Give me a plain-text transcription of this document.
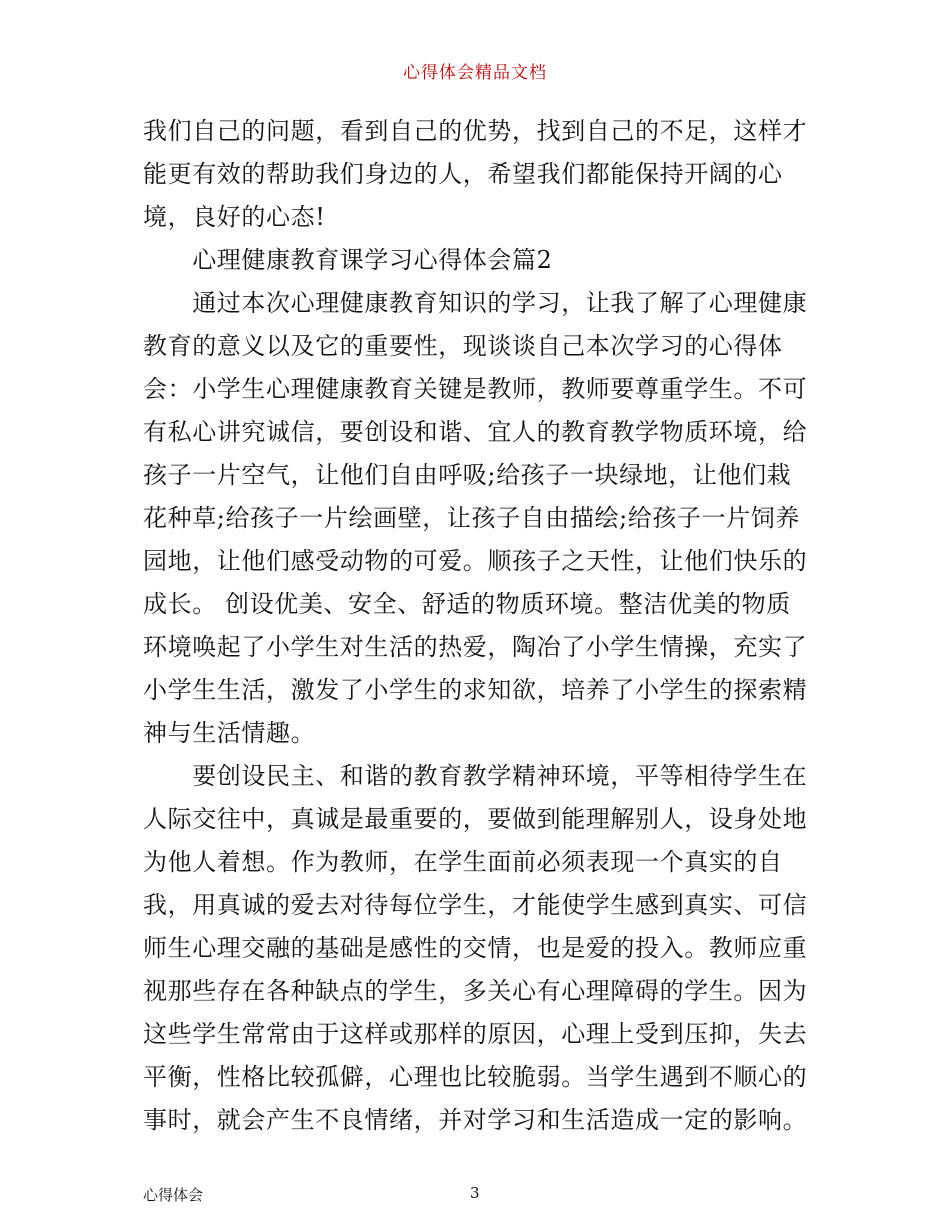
心得体会精品文档
我们自己的问题，看到自己的优势，找到自己的不足，这样才
能更有效的帮助我们身边的人，希望我们都能保持开阔的心
境，良好的心态!
　　心理健康教育课学习心得体会篇2
　　通过本次心理健康教育知识的学习，让我了解了心理健康
教育的意义以及它的重要性，现谈谈自己本次学习的心得体
会：小学生心理健康教育关键是教师，教师要尊重学生。不可
有私心讲究诚信，要创设和谐、宜人的教育教学物质环境，给
孩子一片空气，让他们自由呼吸;给孩子一块绿地，让他们栽
花种草;给孩子一片绘画壁，让孩子自由描绘;给孩子一片饲养
园地，让他们感受动物的可爱。顺孩子之天性，让他们快乐的
成长。 创设优美、安全、舒适的物质环境。整洁优美的物质
环境唤起了小学生对生活的热爱，陶冶了小学生情操，充实了
小学生生活，激发了小学生的求知欲，培养了小学生的探索精
神与生活情趣。
　　要创设民主、和谐的教育教学精神环境，平等相待学生在
人际交往中，真诚是最重要的，要做到能理解别人，设身处地
为他人着想。作为教师，在学生面前必须表现一个真实的自
我，用真诚的爱去对待每位学生，才能使学生感到真实、可信
师生心理交融的基础是感性的交情，也是爱的投入。教师应重
视那些存在各种缺点的学生，多关心有心理障碍的学生。因为
这些学生常常由于这样或那样的原因，心理上受到压抑，失去
平衡，性格比较孤僻，心理也比较脆弱。当学生遇到不顺心的
事时，就会产生不良情绪，并对学习和生活造成一定的影响。
心得体会	3
